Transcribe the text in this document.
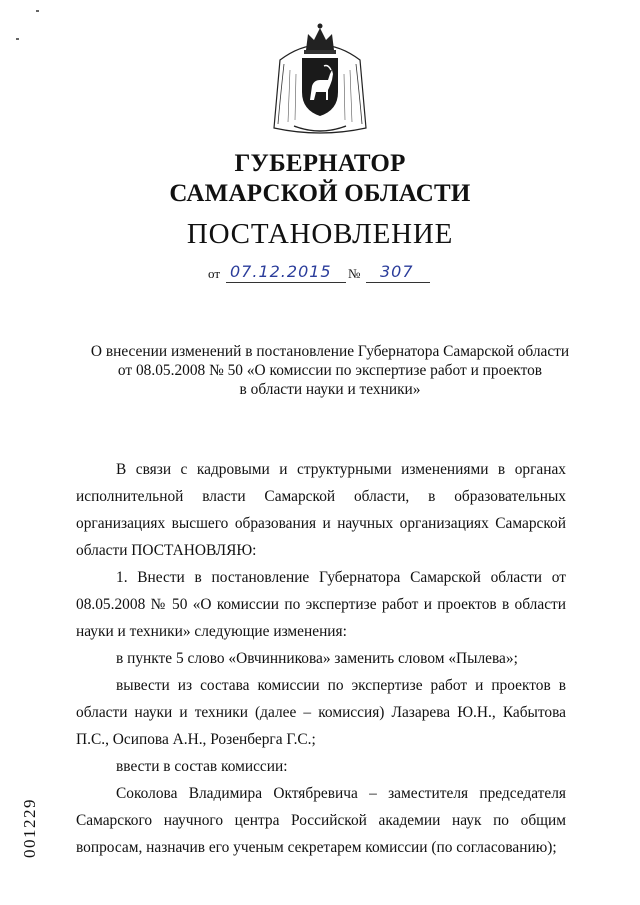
ГУБЕРНАТОР
САМАРСКОЙ ОБЛАСТИ
ПОСТАНОВЛЕНИЕ
от 07.12.2015 № 307
О внесении изменений в постановление Губернатора Самарской области
от 08.05.2008 № 50 «О комиссии по экспертизе работ и проектов
в области науки и техники»

В связи с кадровыми и структурными изменениями в органах исполнительной власти Самарской области, в образовательных организациях высшего образования и научных организациях Самарской области ПОСТАНОВЛЯЮ:

1. Внести в постановление Губернатора Самарской области от 08.05.2008 № 50 «О комиссии по экспертизе работ и проектов в области науки и техники» следующие изменения:

в пункте 5 слово «Овчинникова» заменить словом «Пылева»;

вывести из состава комиссии по экспертизе работ и проектов в области науки и техники (далее – комиссия) Лазарева Ю.Н., Кабытова П.С., Осипова А.Н., Розенберга Г.С.;

ввести в состав комиссии:

Соколова Владимира Октябревича – заместителя председателя Самарского научного центра Российской академии наук по общим вопросам, назначив его ученым секретарем комиссии (по согласованию);

001229
